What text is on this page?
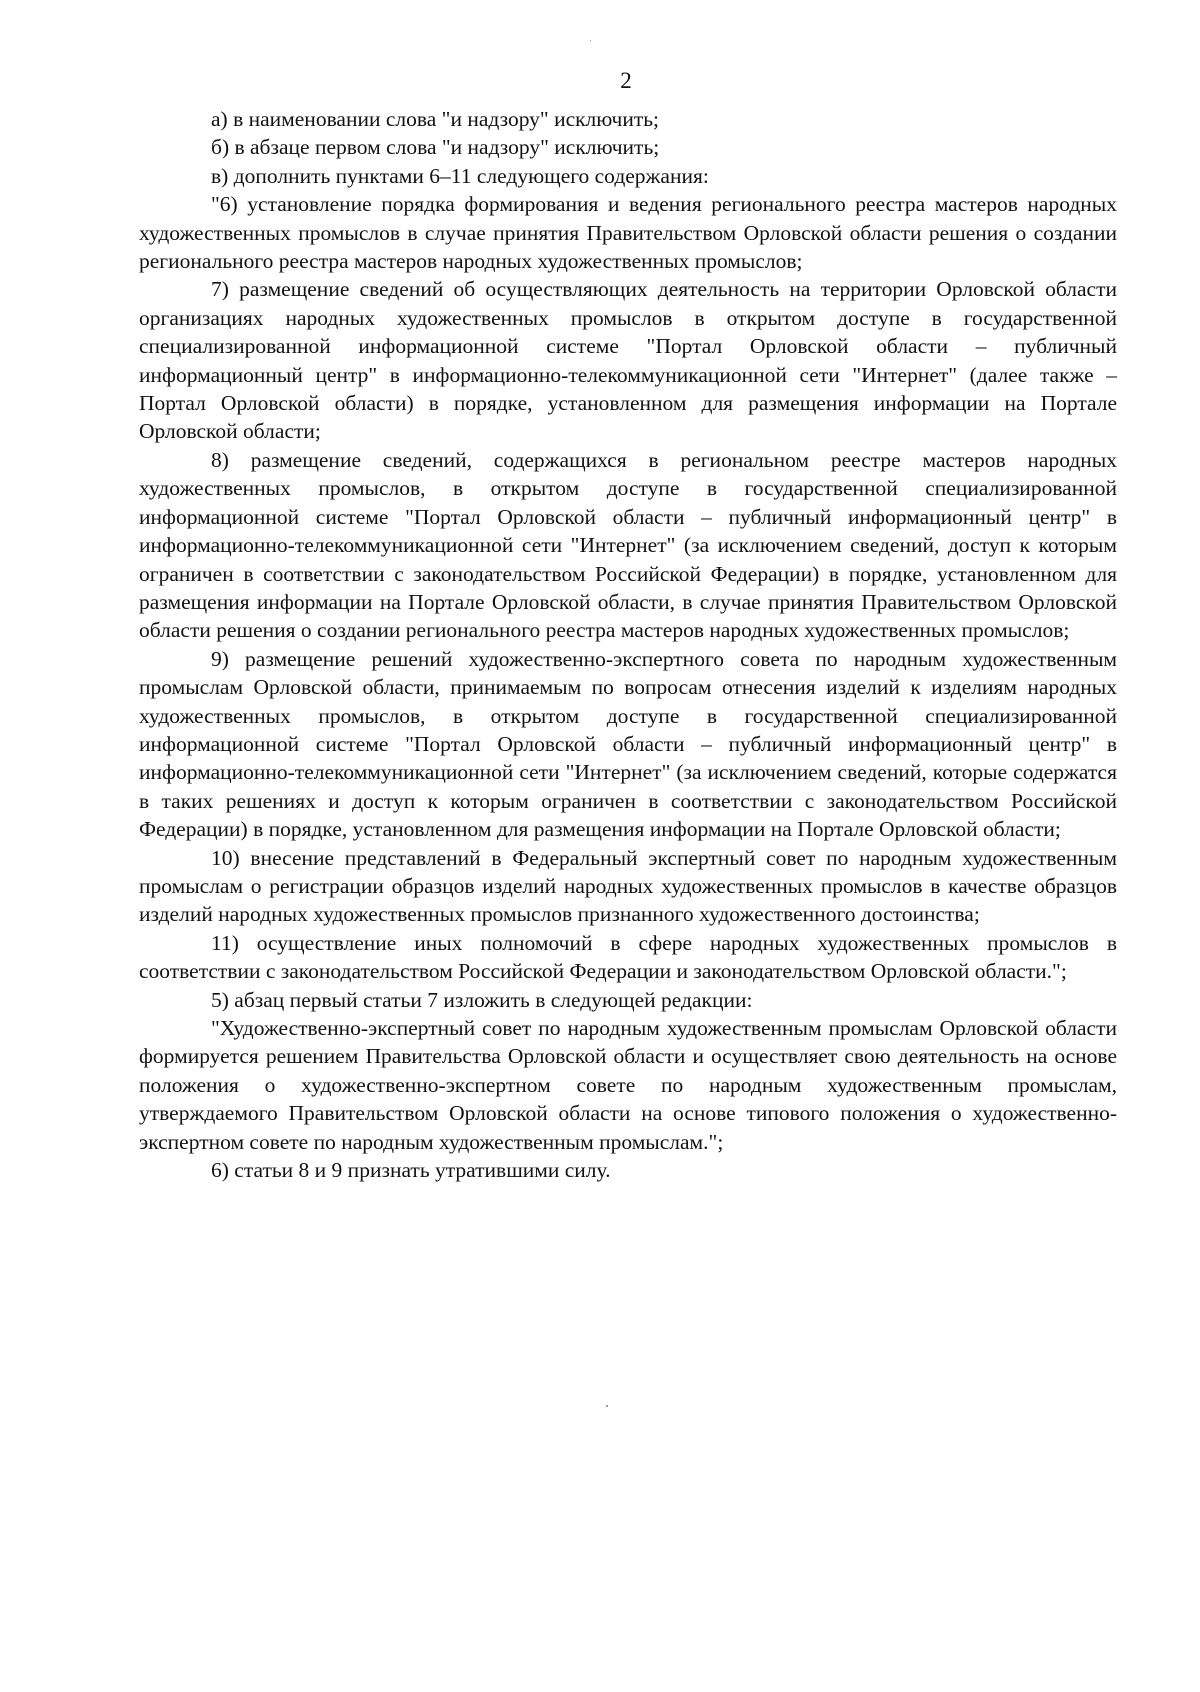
2

а) в наименовании слова "и надзору" исключить;

б) в абзаце первом слова "и надзору" исключить;

в) дополнить пунктами 6–11 следующего содержания:

"6) установление порядка формирования и ведения регионального реестра мастеров народных художественных промыслов в случае принятия Правительством Орловской области решения о создании регионального реестра мастеров народных художественных промыслов;

7) размещение сведений об осуществляющих деятельность на территории Орловской области организациях народных художественных промыслов в открытом доступе в государственной специализированной информационной системе "Портал Орловской области – публичный информационный центр" в информационно-телекоммуникационной сети "Интернет" (далее также – Портал Орловской области) в порядке, установленном для размещения информации на Портале Орловской области;

8) размещение сведений, содержащихся в региональном реестре мастеров народных художественных промыслов, в открытом доступе в государственной специализированной информационной системе "Портал Орловской области – публичный информационный центр" в информационно-телекоммуникационной сети "Интернет" (за исключением сведений, доступ к которым ограничен в соответствии с законодательством Российской Федерации) в порядке, установленном для размещения информации на Портале Орловской области, в случае принятия Правительством Орловской области решения о создании регионального реестра мастеров народных художественных промыслов;

9) размещение решений художественно-экспертного совета по народным художественным промыслам Орловской области, принимаемым по вопросам отнесения изделий к изделиям народных художественных промыслов, в открытом доступе в государственной специализированной информационной системе "Портал Орловской области – публичный информационный центр" в информационно-телекоммуникационной сети "Интернет" (за исключением сведений, которые содержатся в таких решениях и доступ к которым ограничен в соответствии с законодательством Российской Федерации) в порядке, установленном для размещения информации на Портале Орловской области;

10) внесение представлений в Федеральный экспертный совет по народным художественным промыслам о регистрации образцов изделий народных художественных промыслов в качестве образцов изделий народных художественных промыслов признанного художественного достоинства;

11) осуществление иных полномочий в сфере народных художественных промыслов в соответствии с законодательством Российской Федерации и законодательством Орловской области.";

5) абзац первый статьи 7 изложить в следующей редакции:

"Художественно-экспертный совет по народным художественным промыслам Орловской области формируется решением Правительства Орловской области и осуществляет свою деятельность на основе положения о художественно-экспертном совете по народным художественным промыслам, утверждаемого Правительством Орловской области на основе типового положения о художественно-экспертном совете по народным художественным промыслам.";

6) статьи 8 и 9 признать утратившими силу.
